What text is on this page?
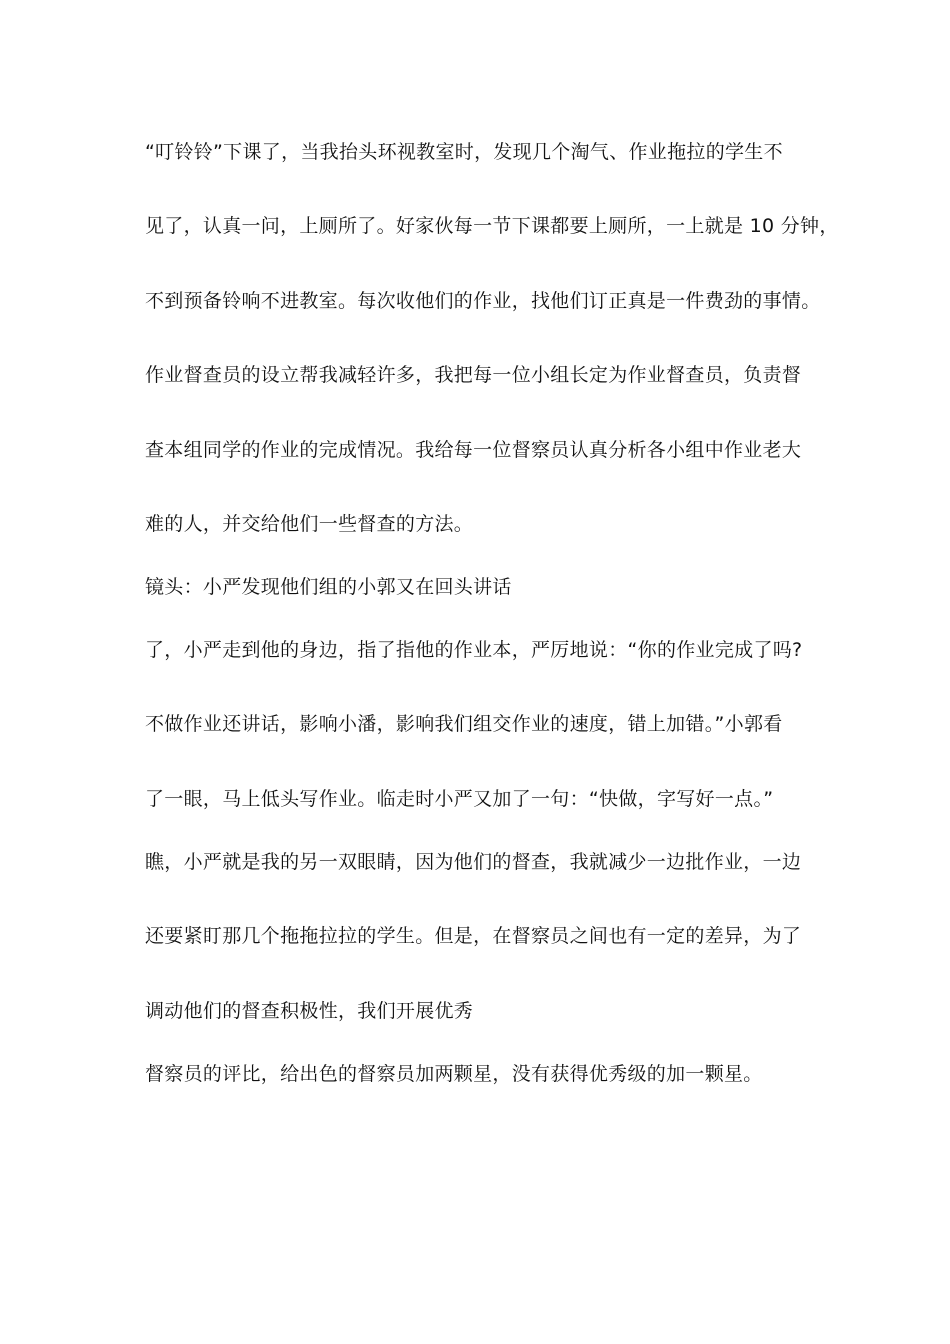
“叮铃铃”下课了，当我抬头环视教室时，发现几个淘气、作业拖拉的学生不
见了，认真一问，上厕所了。好家伙每一节下课都要上厕所，一上就是 10 分钟，
不到预备铃响不进教室。每次收他们的作业，找他们订正真是一件费劲的事情。
作业督查员的设立帮我减轻许多，我把每一位小组长定为作业督查员，负责督
查本组同学的作业的完成情况。我给每一位督察员认真分析各小组中作业老大
难的人，并交给他们一些督查的方法。
镜头：小严发现他们组的小郭又在回头讲话
了，小严走到他的身边，指了指他的作业本，严厉地说：“你的作业完成了吗?
不做作业还讲话，影响小潘，影响我们组交作业的速度，错上加错。”小郭看
了一眼，马上低头写作业。临走时小严又加了一句：“快做，字写好一点。”
瞧，小严就是我的另一双眼睛，因为他们的督查，我就减少一边批作业，一边
还要紧盯那几个拖拖拉拉的学生。但是，在督察员之间也有一定的差异，为了
调动他们的督查积极性，我们开展优秀
督察员的评比，给出色的督察员加两颗星，没有获得优秀级的加一颗星。
